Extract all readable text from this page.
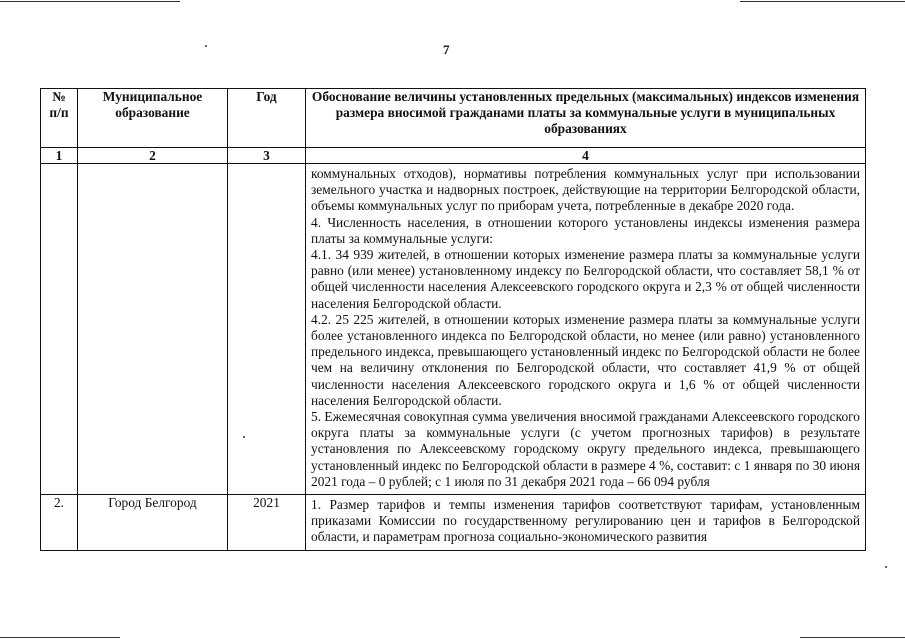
7
№ п/п	Муниципальное образование	Год	Обоснование величины установленных предельных (максимальных) индексов изменения размера вносимой гражданами платы за коммунальные услуги в муниципальных образованиях
1	2	3	4

			коммунальных отходов), нормативы потребления коммунальных услуг при использовании земельного участка и надворных построек, действующие на территории Белгородской области, объемы коммунальных услуг по приборам учета, потребленные в декабре 2020 года.

4. Численность населения, в отношении которого установлены индексы изменения размера платы за коммунальные услуги:

4.1. 34 939 жителей, в отношении которых изменение размера платы за коммунальные услуги равно (или менее) установленному индексу по Белгородской области, что составляет 58,1 % от общей численности населения Алексеевского городского округа и 2,3 % от общей численности населения Белгородской области.

4.2. 25 225 жителей, в отношении которых изменение размера платы за коммунальные услуги более установленного индекса по Белгородской области, но менее (или равно) установленного предельного индекса, превышающего установленный индекс по Белгородской области не более чем на величину отклонения по Белгородской области, что составляет 41,9 % от общей численности населения Алексеевского городского округа и 1,6 % от общей численности населения Белгородской области.

5. Ежемесячная совокупная сумма увеличения вносимой гражданами Алексеевского городского округа платы за коммунальные услуги (с учетом прогнозных тарифов) в результате установления по Алексеевскому городскому округу предельного индекса, превышающего установленный индекс по Белгородской области в размере 4 %, составит: с 1 января по 30 июня 2021 года – 0 рублей; с 1 июля по 31 декабря 2021 года – 66 094 рубля

2.	Город Белгород	2021	1. Размер тарифов и темпы изменения тарифов соответствуют тарифам, установленным приказами Комиссии по государственному регулированию цен и тарифов в Белгородской области, и параметрам прогноза социально-экономического развития
